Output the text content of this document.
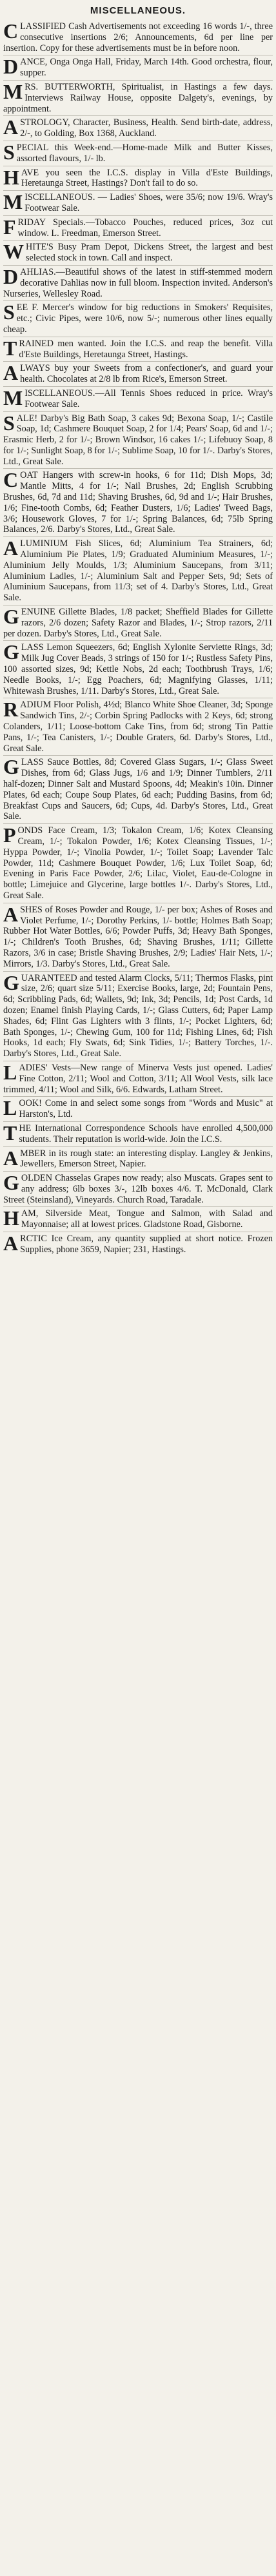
MISCELLANEOUS.
CLASSIFIED Cash Advertisements not exceeding 16 words 1/-, three consecutive insertions 2/6; Announcements, 6d per line per insertion. Copy for these advertisements must be in before noon.
DANCE, Onga Onga Hall, Friday, March 14th. Good orchestra, flour, supper.
MRS. BUTTERWORTH, Spiritualist, in Hastings a few days. Interviews Railway House, opposite Dalgety's, evenings, by appointment.
ASTROLOGY, Character, Business, Health. Send birth-date, address, 2/-, to Golding, Box 1368, Auckland.
SPECIAL this Week-end.—Home-made Milk and Butter Kisses, assorted flavours, 1/- lb.
HAVE you seen the I.C.S. display in Villa d'Este Buildings, Heretaunga Street, Hastings? Don't fail to do so.
MISCELLANEOUS. — Ladies' Shoes, were 35/6; now 19/6. Wray's Footwear Sale.
FRIDAY Specials.—Tobacco Pouches, reduced prices, 3oz cut window. L. Freedman, Emerson Street.
WHITE'S Busy Pram Depot, Dickens Street, the largest and best selected stock in town. Call and inspect.
DAHLIAS.—Beautiful shows of the latest in stiff-stemmed modern decorative Dahlias now in full bloom. Inspection invited. Anderson's Nurseries, Wellesley Road.
SEE F. Mercer's window for big reductions in Smokers' Requisites, etc.; Civic Pipes, were 10/6, now 5/-; numerous other lines equally cheap.
TRAINED men wanted. Join the I.C.S. and reap the benefit. Villa d'Este Buildings, Heretaunga Street, Hastings.
ALWAYS buy your Sweets from a confectioner's, and guard your health. Chocolates at 2/8 lb from Rice's, Emerson Street.
MISCELLANEOUS.—All Tennis Shoes reduced in price. Wray's Footwear Sale.
SALE! Darby's Big Bath Soap, 3 cakes 9d; Bexona Soap, 1/-; Castile Soap, 1d; Cashmere Bouquet Soap, 2 for 1/4; Pears' Soap, 6d and 1/-; Erasmic Herb, 2 for 1/-; Brown Windsor, 16 cakes 1/-; Lifebuoy Soap, 8 for 1/-; Sunlight Soap, 8 for 1/-; Sublime Soap, 10 for 1/-. Darby's Stores, Ltd., Great Sale.
COAT Hangers with screw-in hooks, 6 for 11d; Dish Mops, 3d; Mantle Mitts, 4 for 1/-; Nail Brushes, 2d; English Scrubbing Brushes, 6d, 7d and 11d; Shaving Brushes, 6d, 9d and 1/-; Hair Brushes, 1/6; Fine-tooth Combs, 6d; Feather Dusters, 1/6; Ladies' Tweed Bags, 3/6; Housework Gloves, 7 for 1/-; Spring Balances, 6d; 75lb Spring Balances, 2/6. Darby's Stores, Ltd., Great Sale.
ALUMINIUM Fish Slices, 6d; Aluminium Tea Strainers, 6d; Aluminium Pie Plates, 1/9; Graduated Aluminium Measures, 1/-; Aluminium Jelly Moulds, 1/3; Aluminium Saucepans, from 3/11; Aluminium Ladles, 1/-; Aluminium Salt and Pepper Sets, 9d; Sets of Aluminium Saucepans, from 11/3; set of 4. Darby's Stores, Ltd., Great Sale.
GENUINE Gillette Blades, 1/8 packet; Sheffield Blades for Gillette razors, 2/6 dozen; Safety Razor and Blades, 1/-; Strop razors, 2/11 per dozen. Darby's Stores, Ltd., Great Sale.
GLASS Lemon Squeezers, 6d; English Xylonite Serviette Rings, 3d; Milk Jug Cover Beads, 3 strings of 150 for 1/-; Rustless Safety Pins, 100 assorted sizes, 9d; Kettle Nobs, 2d each; Toothbrush Trays, 1/6; Needle Books, 1/-; Egg Poachers, 6d; Magnifying Glasses, 1/11; Whitewash Brushes, 1/11. Darby's Stores, Ltd., Great Sale.
RADIUM Floor Polish, 4½d; Blanco White Shoe Cleaner, 3d; Sponge Sandwich Tins, 2/-; Corbin Spring Padlocks with 2 Keys, 6d; strong Colanders, 1/11; Loose-bottom Cake Tins, from 6d; strong Tin Pattie Pans, 1/-; Tea Canisters, 1/-; Double Graters, 6d. Darby's Stores, Ltd., Great Sale.
GLASS Sauce Bottles, 8d; Covered Glass Sugars, 1/-; Glass Sweet Dishes, from 6d; Glass Jugs, 1/6 and 1/9; Dinner Tumblers, 2/11 half-dozen; Dinner Salt and Mustard Spoons, 4d; Meakin's 10in. Dinner Plates, 6d each; Coupe Soup Plates, 6d each; Pudding Basins, from 6d; Breakfast Cups and Saucers, 6d; Cups, 4d. Darby's Stores, Ltd., Great Sale.
PONDS Face Cream, 1/3; Tokalon Cream, 1/6; Kotex Cleansing Cream, 1/-; Tokalon Powder, 1/6; Kotex Cleansing Tissues, 1/-; Hyppa Powder, 1/-; Vinolia Powder, 1/-; Toilet Soap; Lavender Talc Powder, 11d; Cashmere Bouquet Powder, 1/6; Lux Toilet Soap, 6d; Evening in Paris Face Powder, 2/6; Lilac, Violet, Eau-de-Cologne in bottle; Limejuice and Glycerine, large bottles 1/-. Darby's Stores, Ltd., Great Sale.
ASHES of Roses Powder and Rouge, 1/- per box; Ashes of Roses and Violet Perfume, 1/-; Dorothy Perkins, 1/- bottle; Holmes Bath Soap; Rubber Hot Water Bottles, 6/6; Powder Puffs, 3d; Heavy Bath Sponges, 1/-; Children's Tooth Brushes, 6d; Shaving Brushes, 1/11; Gillette Razors, 3/6 in case; Bristle Shaving Brushes, 2/9; Ladies' Hair Nets, 1/-; Mirrors, 1/3. Darby's Stores, Ltd., Great Sale.
GUARANTEED and tested Alarm Clocks, 5/11; Thermos Flasks, pint size, 2/6; quart size 5/11; Exercise Books, large, 2d; Fountain Pens, 6d; Scribbling Pads, 6d; Wallets, 9d; Ink, 3d; Pencils, 1d; Post Cards, 1d dozen; Enamel finish Playing Cards, 1/-; Glass Cutters, 6d; Paper Lamp Shades, 6d; Flint Gas Lighters with 3 flints, 1/-; Pocket Lighters, 6d; Bath Sponges, 1/-; Chewing Gum, 100 for 11d; Fishing Lines, 6d; Fish Hooks, 1d each; Fly Swats, 6d; Sink Tidies, 1/-; Battery Torches, 1/-. Darby's Stores, Ltd., Great Sale.
LADIES' Vests—New range of Minerva Vests just opened. Ladies' Fine Cotton, 2/11; Wool and Cotton, 3/11; All Wool Vests, silk lace trimmed, 4/11; Wool and Silk, 6/6. Edwards, Latham Street.
LOOK! Come in and select some songs from "Words and Music" at Harston's, Ltd.
THE International Correspondence Schools have enrolled 4,500,000 students. Their reputation is world-wide. Join the I.C.S.
AMBER in its rough state: an interesting display. Langley & Jenkins, Jewellers, Emerson Street, Napier.
GOLDEN Chasselas Grapes now ready; also Muscats. Grapes sent to any address; 6lb boxes 3/-, 12lb boxes 4/6. T. McDonald, Clark Street (Steinsland), Vineyards. Church Road, Taradale.
HAM, Silverside Meat, Tongue and Salmon, with Salad and Mayonnaise; all at lowest prices. Gladstone Road, Gisborne.
ARCTIC Ice Cream, any quantity supplied at short notice. Frozen Supplies, phone 3659, Napier; 231, Hastings.
